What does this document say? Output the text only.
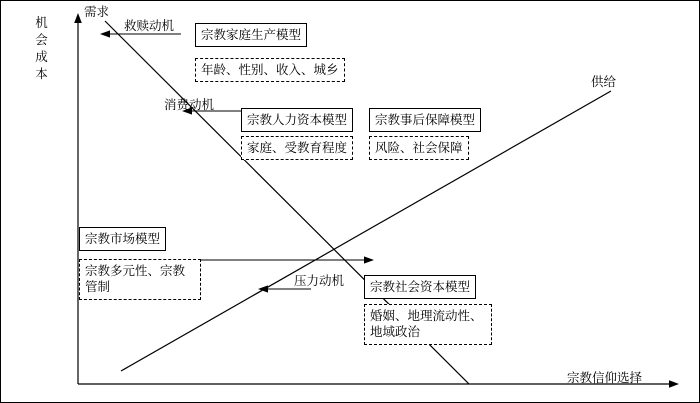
机会成本
宗教信仰选择
需求
供给
救赎动机
消费动机
压力动机
宗教家庭生产模型
年龄、性别、收入、城乡
宗教人力资本模型
家庭、受教育程度
宗教事后保障模型
风险、社会保障
宗教市场模型
宗教多元性、宗教管制	宗教社会资本模型
婚姻、地理流动性、地域政治
